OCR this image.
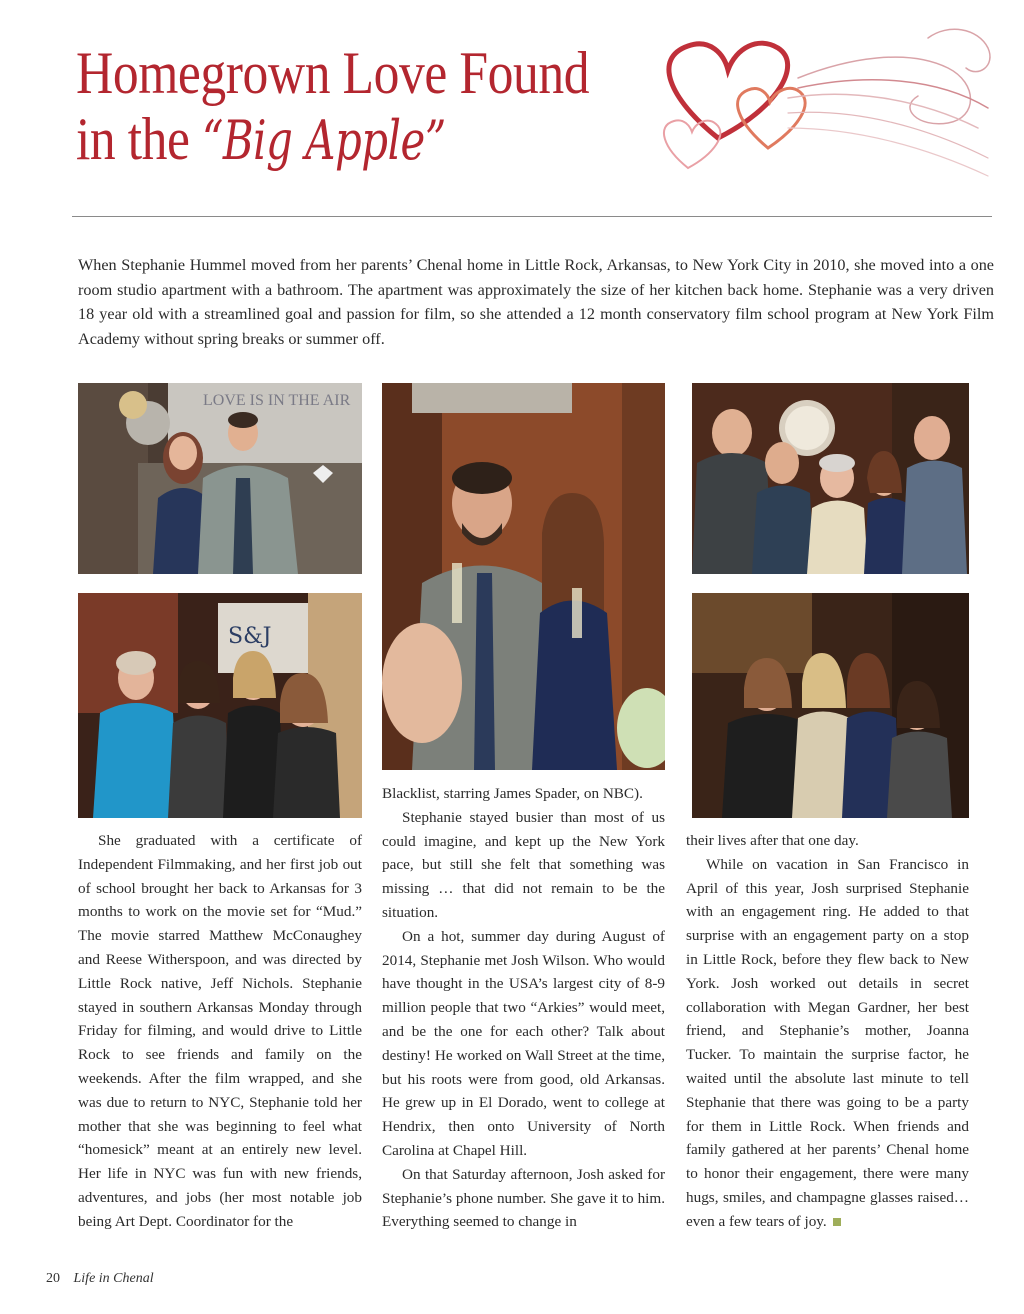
Homegrown Love Found
in the “Big Apple”
When Stephanie Hummel moved from her parents’ Chenal home in Little Rock, Arkansas, to New York City in 2010, she moved into a one room studio apartment with a bathroom. The apartment was approximately the size of her kitchen back home. Stephanie was a very driven 18 year old with a streamlined goal and passion for film, so she attended a 12 month conservatory film school program at New York Film Academy without spring breaks or summer off.
LOVE IS IN THE AIR
S&J

She graduated with a certificate of Independent Filmmaking, and her first job out of school brought her back to Arkansas for 3 months to work on the movie set for “Mud.” The movie starred Matthew McConaughey and Reese Witherspoon, and was directed by Little Rock native, Jeff Nichols. Stephanie stayed in southern Arkansas Monday through Friday for filming, and would drive to Little Rock to see friends and family on the weekends. After the film wrapped, and she was due to return to NYC, Stephanie told her mother that she was beginning to feel what “homesick” meant at an entirely new level. Her life in NYC was fun with new friends, adventures, and jobs (her most notable job being Art Dept. Coordinator for the

Blacklist, starring James Spader, on NBC).

Stephanie stayed busier than most of us could imagine, and kept up the New York pace, but still she felt that something was missing … that did not remain to be the situation.

On a hot, summer day during August of 2014, Stephanie met Josh Wilson. Who would have thought in the USA’s largest city of 8-9 million people that two “Arkies” would meet, and be the one for each other? Talk about destiny! He worked on Wall Street at the time, but his roots were from good, old Arkansas. He grew up in El Dorado, went to college at Hendrix, then onto University of North Carolina at Chapel Hill.

On that Saturday afternoon, Josh asked for Stephanie’s phone number. She gave it to him. Everything seemed to change in

their lives after that one day.

While on vacation in San Francisco in April of this year, Josh surprised Stephanie with an engagement ring. He added to that surprise with an engagement party on a stop in Little Rock, before they flew back to New York. Josh worked out details in secret collaboration with Megan Gardner, her best friend, and Stephanie’s mother, Joanna Tucker. To maintain the surprise factor, he waited until the absolute last minute to tell Stephanie that there was going to be a party for them in Little Rock. When friends and family gathered at her parents’ Chenal home to honor their engagement, there were many hugs, smiles, and champagne glasses raised…even a few tears of joy.

20 Life in Chenal
